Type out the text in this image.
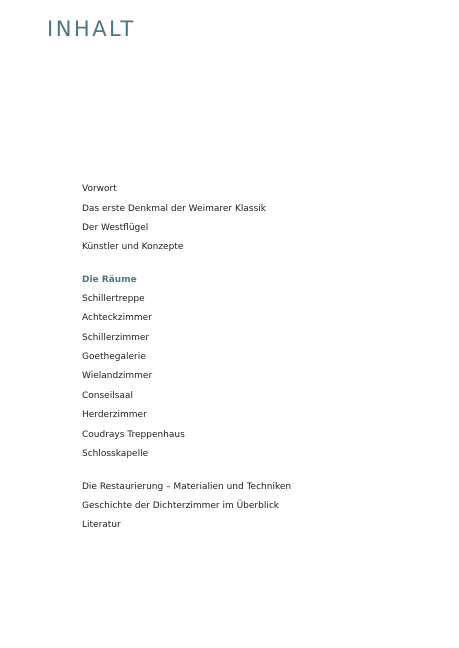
INHALT
Vorwort
Das erste Denkmal der Weimarer Klassik
Der Westflügel
Künstler und Konzepte
Die Räume
Schillertreppe
Achteckzimmer
Schillerzimmer
Goethegalerie
Wielandzimmer
Conseilsaal
Herderzimmer
Coudrays Treppenhaus
Schlosskapelle
Die Restaurierung – Materialien und Techniken
Geschichte der Dichterzimmer im Überblick
Literatur
